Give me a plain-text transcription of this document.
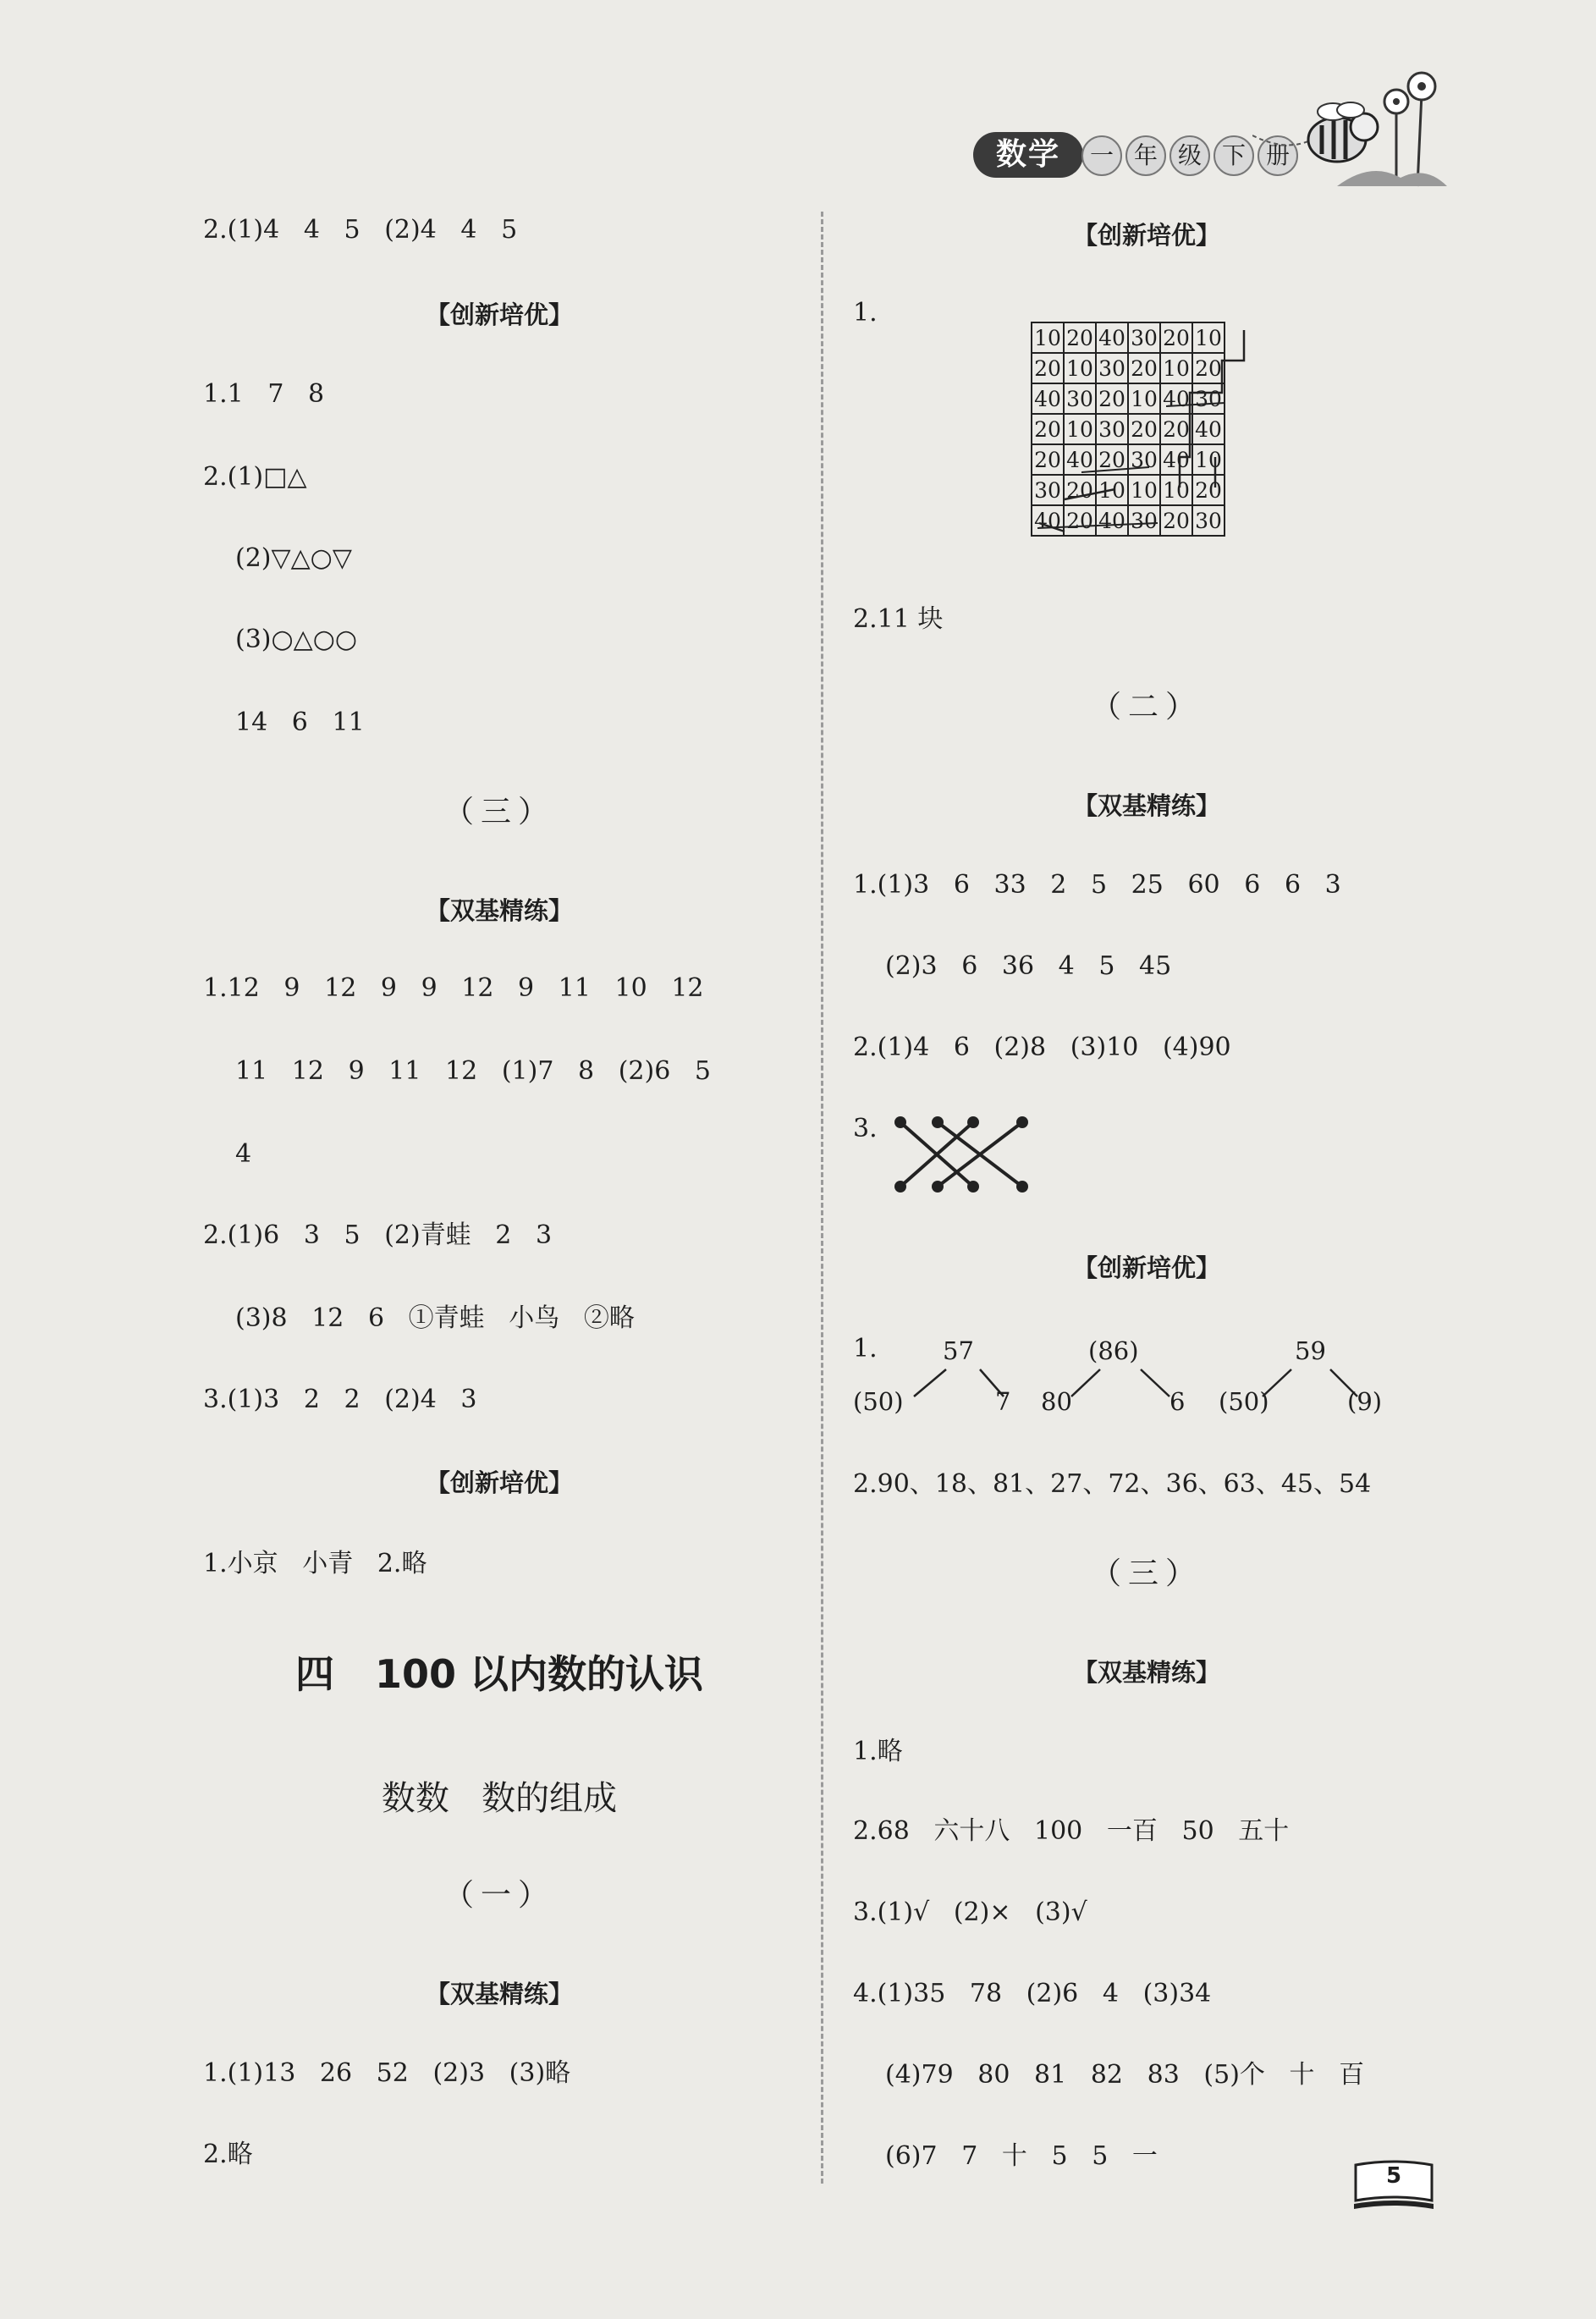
数学	一 年 级 下 册
2.(1)4   4   5   (2)4   4   5
【创新培优】
1.1   7   8
2.(1)□△
(2)▽△○▽
(3)○△○○
14   6   11
（三）
【双基精练】
1.12   9   12   9   9   12   9   11   10   12
11   12   9   11   12   (1)7   8   (2)6   5
4
2.(1)6   3   5   (2)青蛙   2   3
(3)8   12   6   ①青蛙   小鸟   ②略
3.(1)3   2   2   (2)4   3
【创新培优】
1.小京   小青   2.略
四   100 以内数的认识
数数   数的组成
（一）
【双基精练】
1.(1)13   26   52   (2)3   (3)略
2.略
【创新培优】
1.
10	20	40	30	20	10
20	10	30	20	10	20
40	30	20	10	40	30
20	10	30	20	20	40
20	40	20	30	40	10
30	20	10	10	10	20
40	20	40	30	20	30
2.11 块
（二）
【双基精练】
1.(1)3   6   33   2   5   25   60   6   6   3
(2)3   6   36   4   5   45
2.(1)4   6   (2)8   (3)10   (4)90
3.
【创新培优】
1.	57
(50)	7
(86)
80	6
59
(50)	(9)
2.90、18、81、27、72、36、63、45、54
（三）
【双基精练】
1.略
2.68   六十八   100   一百   50   五十
3.(1)√   (2)×   (3)√
4.(1)35   78   (2)6   4   (3)34
(4)79   80   81   82   83   (5)个   十   百
(6)7   7   十   5   5   一
5
